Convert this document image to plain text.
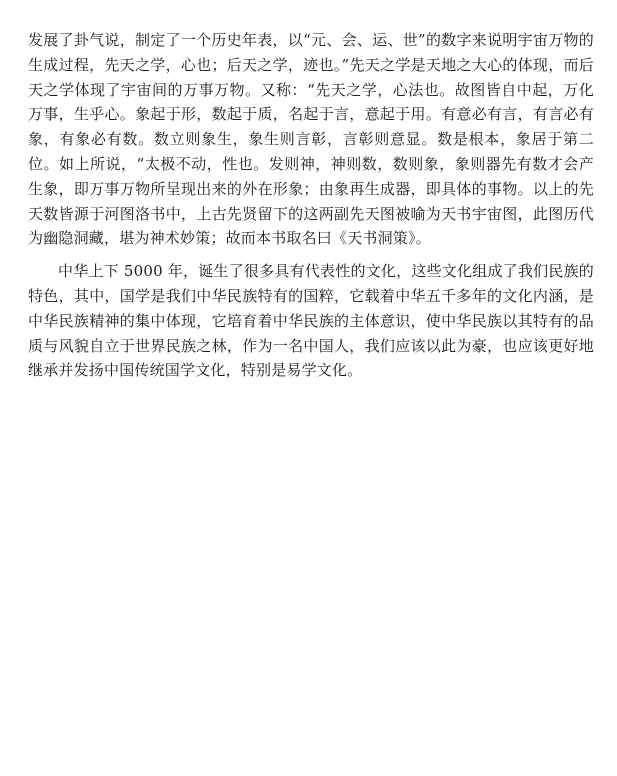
发展了卦气说，制定了一个历史年表，以“元、会、运、世”的数字来说明宇宙万物的生成过程，先天之学，心也；后天之学，迹也。”先天之学是天地之大心的体现，而后天之学体现了宇宙间的万事万物。又称：“先天之学，心法也。故图皆自中起，万化万事，生乎心。象起于形，数起于质，名起于言，意起于用。有意必有言，有言必有象，有象必有数。数立则象生，象生则言彰，言彰则意显。数是根本，象居于第二位。如上所说，“太极不动，性也。发则神，神则数，数则象，象则器先有数才会产生象，即万事万物所呈现出来的外在形象；由象再生成器，即具体的事物。以上的先天数皆源于河图洛书中，上古先贤留下的这两副先天图被喻为天书宇宙图，此图历代为幽隐洞藏，堪为神术妙策；故而本书取名曰《天书洞策》。

中华上下 5000 年，诞生了很多具有代表性的文化，这些文化组成了我们民族的特色，其中，国学是我们中华民族特有的国粹，它载着中华五千多年的文化内涵，是中华民族精神的集中体现，它培育着中华民族的主体意识，使中华民族以其特有的品质与风貌自立于世界民族之林，作为一名中国人，我们应该以此为豪，也应该更好地继承并发扬中国传统国学文化，特别是易学文化。
